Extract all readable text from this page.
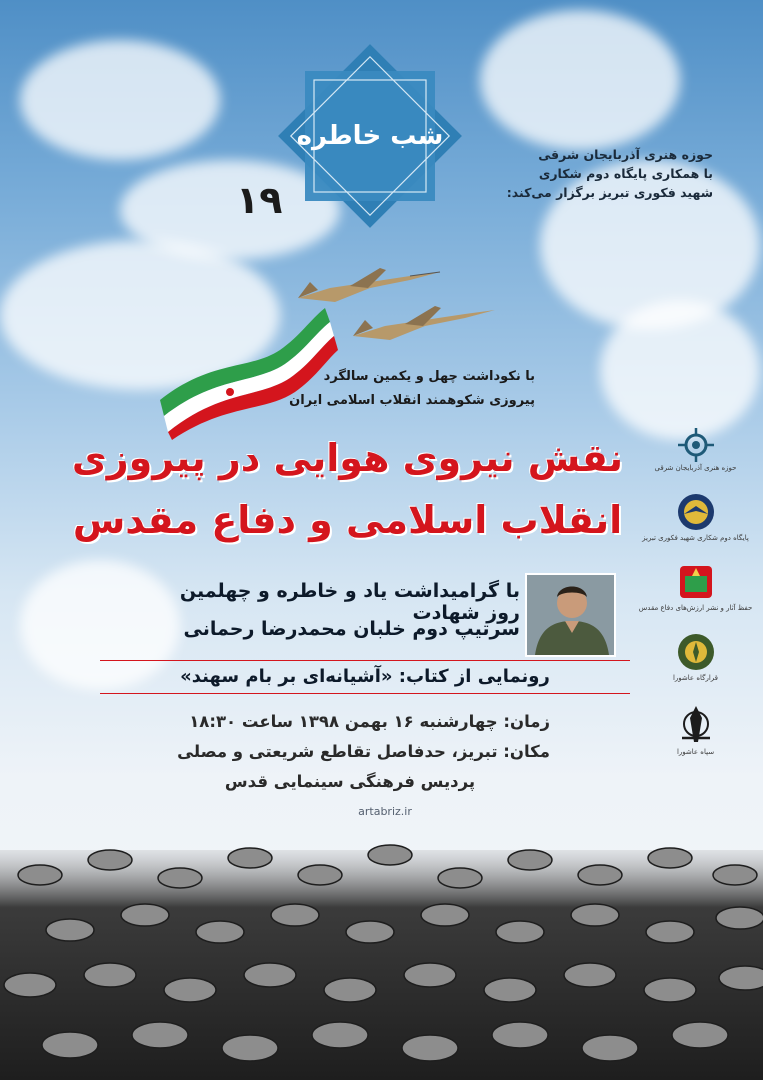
شب خاطره
۱۹
حوزه هنری آذربایجان شرقی
با همکاری پایگاه دوم شکاری
شهید فکوری تبریز برگزار می‌کند:
با نکوداشت چهل و یکمین سالگرد
پیروزی شکوهمند انقلاب اسلامی ایران
نقش نیروی هوایی در پیروزی
انقلاب اسلامی و دفاع مقدس
با گرامیداشت یاد و خاطره و چهلمین روز شهادت
سرتیپ دوم خلبان محمدرضا رحمانی
رونمایی از کتاب: «آشیانه‌ای بر بام سهند»
زمان: چهارشنبه ۱۶ بهمن ۱۳۹۸ ساعت ۱۸:۳۰
مکان: تبریز، حدفاصل تقاطع شریعتی و مصلی
پردیس فرهنگی سینمایی قدس
artabriz.ir
حوزه هنری آذربایجان شرقی
پایگاه دوم شکاری شهید فکوری تبریز
حفظ آثار و نشر ارزش‌های دفاع مقدس
قرارگاه عاشورا
سپاه عاشورا
